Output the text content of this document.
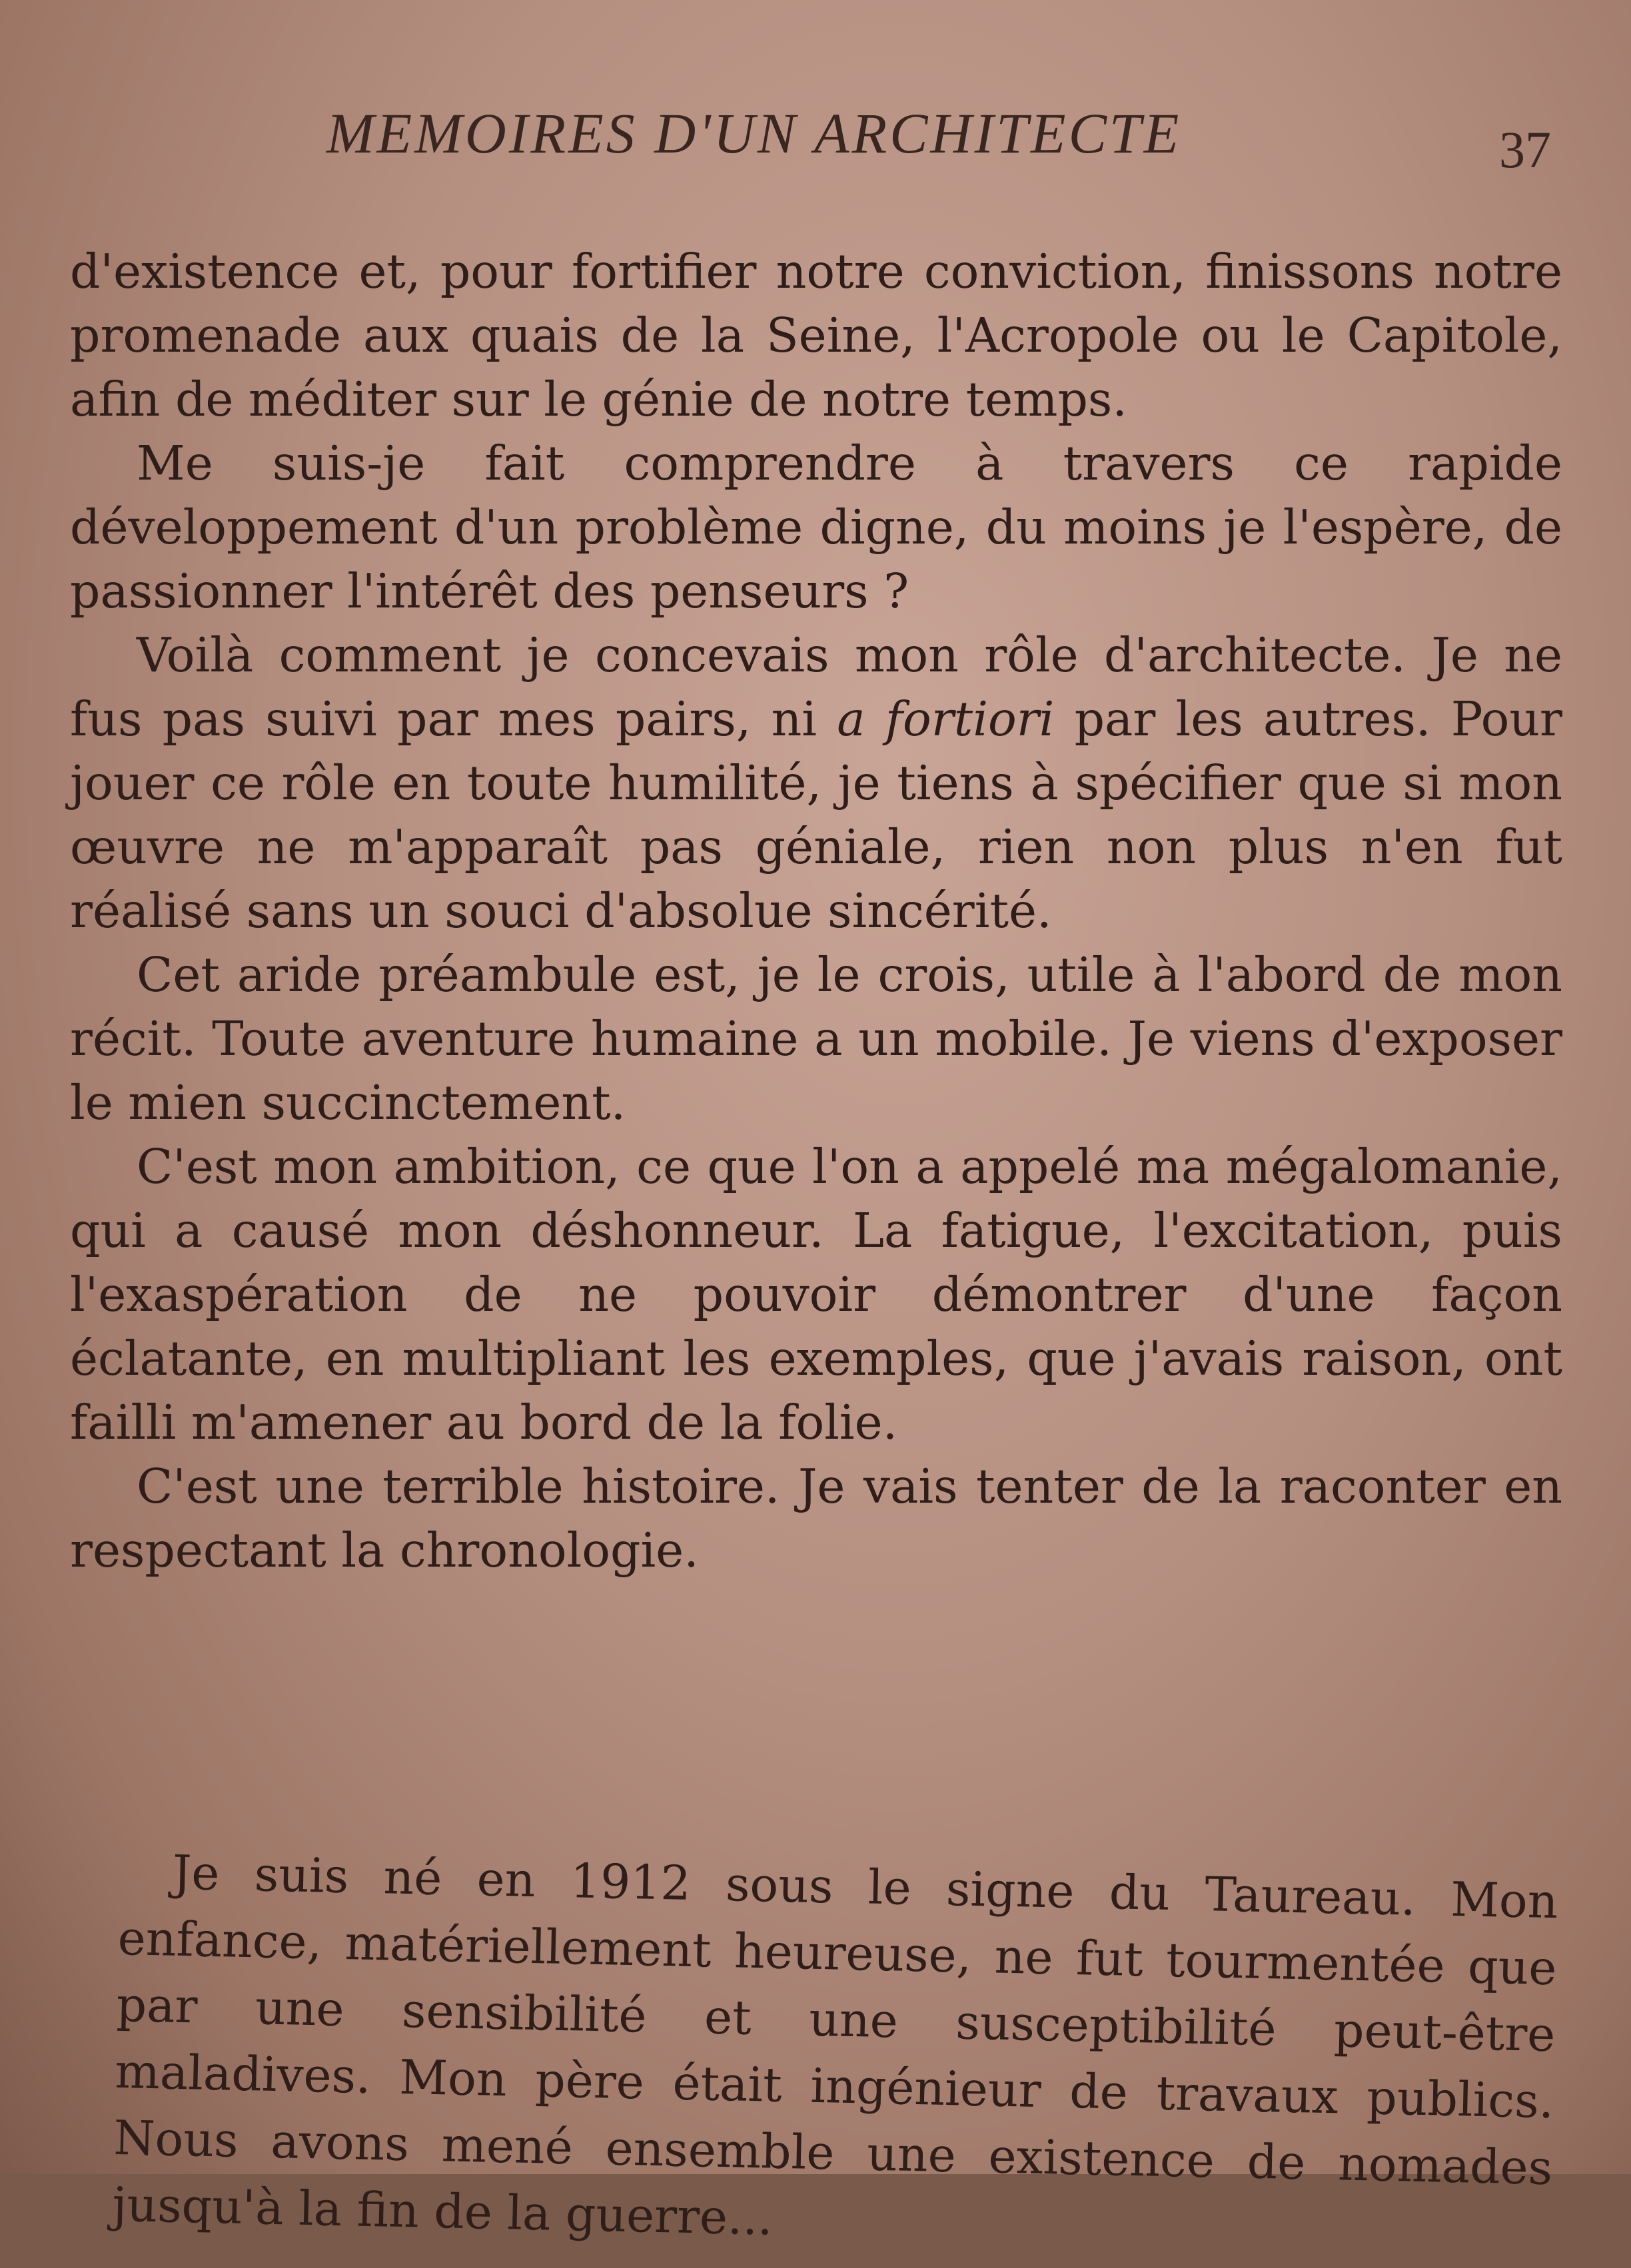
MEMOIRES D'UN ARCHITECTE	37

d'existence et, pour fortifier notre conviction, finissons notre promenade aux quais de la Seine, l'Acropole ou le Capitole, afin de méditer sur le génie de notre temps.

Me suis-je fait comprendre à travers ce rapide développement d'un problème digne, du moins je l'espère, de passionner l'intérêt des penseurs ?

Voilà comment je concevais mon rôle d'architecte. Je ne fus pas suivi par mes pairs, ni a fortiori par les autres. Pour jouer ce rôle en toute humilité, je tiens à spécifier que si mon œuvre ne m'apparaît pas géniale, rien non plus n'en fut réalisé sans un souci d'absolue sincérité.

Cet aride préambule est, je le crois, utile à l'abord de mon récit. Toute aventure humaine a un mobile. Je viens d'exposer le mien succinctement.

C'est mon ambition, ce que l'on a appelé ma mégalomanie, qui a causé mon déshonneur. La fatigue, l'excitation, puis l'exaspération de ne pouvoir démontrer d'une façon éclatante, en multipliant les exemples, que j'avais raison, ont failli m'amener au bord de la folie.

C'est une terrible histoire. Je vais tenter de la raconter en respectant la chronologie.

Je suis né en 1912 sous le signe du Taureau. Mon enfance, matériellement heureuse, ne fut tourmentée que par une sensibilité et une susceptibilité peut-être maladives. Mon père était ingénieur de travaux publics. Nous avons mené ensemble une existence de nomades jusqu'à la fin de la guerre...
